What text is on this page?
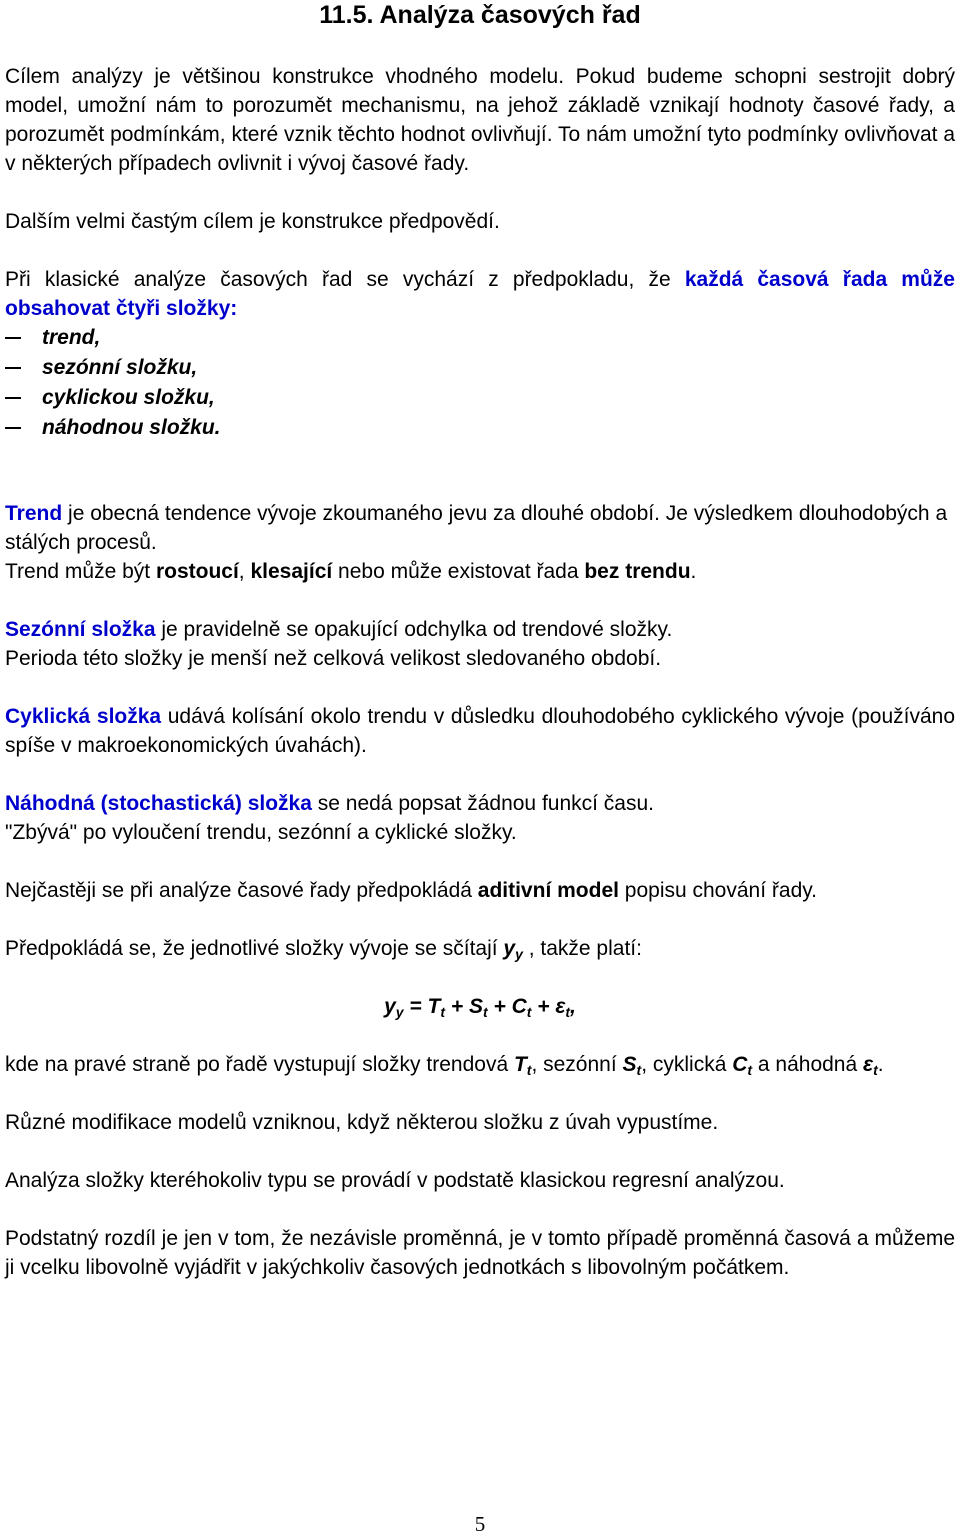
11.5. Analýza časových řad

Cílem analýzy je většinou konstrukce vhodného modelu. Pokud budeme schopni sestrojit dobrý model, umožní nám to porozumět mechanismu, na jehož základě vznikají hodnoty časové řady, a porozumět podmínkám, které vznik těchto hodnot ovlivňují. To nám umožní tyto podmínky ovlivňovat a v některých případech ovlivnit i vývoj časové řady.

Dalším velmi častým cílem je konstrukce předpovědí.

Při klasické analýze časových řad se vychází z předpokladu, že každá časová řada může obsahovat čtyři složky:

trend,
sezónní složku,
cyklickou složku,
náhodnou složku.

Trend je obecná tendence vývoje zkoumaného jevu za dlouhé období. Je výsledkem dlouhodobých a stálých procesů.
Trend může být rostoucí, klesající nebo může existovat řada bez trendu.

Sezónní složka je pravidelně se opakující odchylka od trendové složky.
Perioda této složky je menší než celková velikost sledovaného období.

Cyklická složka udává kolísání okolo trendu v důsledku dlouhodobého cyklického vývoje (používáno spíše v makroekonomických úvahách).

Náhodná (stochastická) složka se nedá popsat žádnou funkcí času.
"Zbývá" po vyloučení trendu, sezónní a cyklické složky.

Nejčastěji se při analýze časové řady předpokládá aditivní model popisu chování řady.

Předpokládá se, že jednotlivé složky vývoje se sčítají $y_y$ , takže platí:

$y_y = T_t + S_t + C_t + \varepsilon_t$,

kde na pravé straně po řadě vystupují složky trendová $T_t$, sezónní $S_t$, cyklická $C_t$ a náhodná $\varepsilon_t$.

Různé modifikace modelů vzniknou, když některou složku z úvah vypustíme.

Analýza složky kteréhokoliv typu se provádí v podstatě klasickou regresní analýzou.

Podstatný rozdíl je jen v tom, že nezávisle proměnná, je v tomto případě proměnná časová a můžeme ji vcelku libovolně vyjádřit v jakýchkoliv časových jednotkách s libovolným počátkem.

5
